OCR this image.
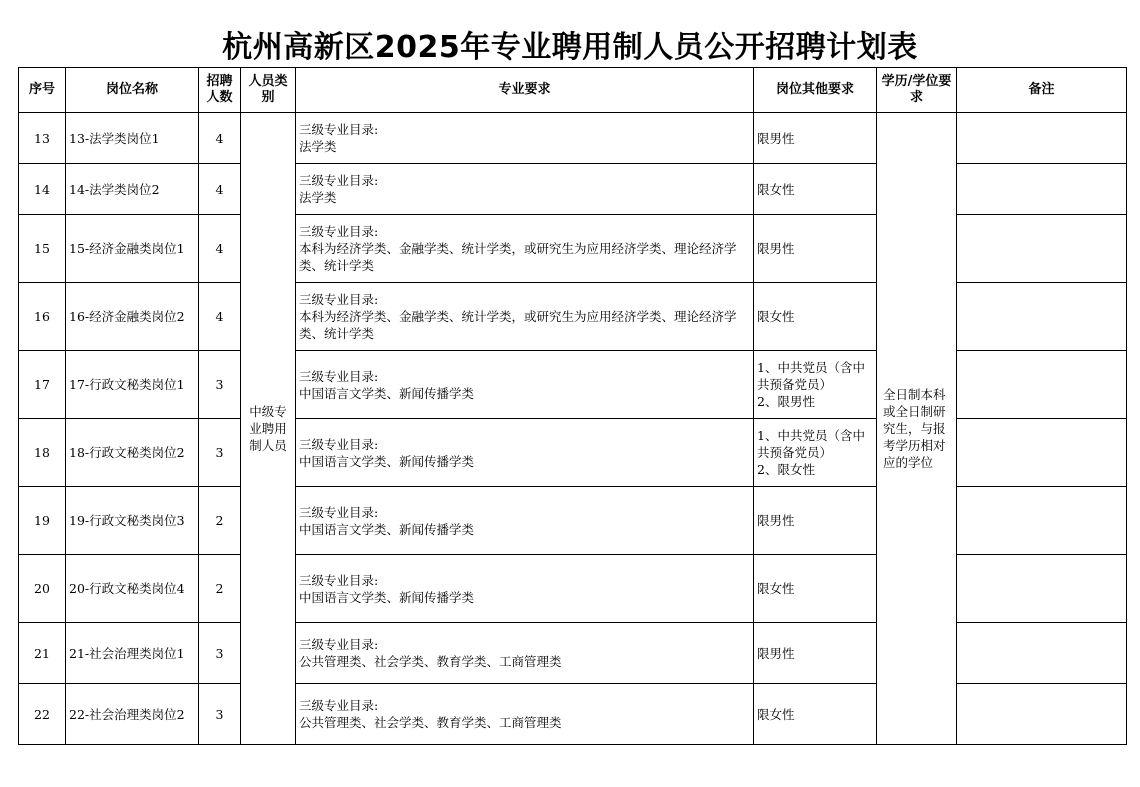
杭州高新区2025年专业聘用制人员公开招聘计划表
序号	岗位名称	招聘人数	人员类别	专业要求	岗位其他要求	学历/学位要求	备注
13	13-法学类岗位1	4	中级专业聘用制人员	三级专业目录:
法学类	限男性	全日制本科或全日制研究生，与报考学历相对应的学位	
14	14-法学类岗位2	4		三级专业目录:
法学类	限女性		
15	15-经济金融类岗位1	4		三级专业目录:
本科为经济学类、金融学类、统计学类，或研究生为应用经济学类、理论经济学类、统计学类	限男性		
16	16-经济金融类岗位2	4		三级专业目录:
本科为经济学类、金融学类、统计学类，或研究生为应用经济学类、理论经济学类、统计学类	限女性		
17	17-行政文秘类岗位1	3		三级专业目录:
中国语言文学类、新闻传播学类	1、中共党员（含中共预备党员）
2、限男性		
18	18-行政文秘类岗位2	3		三级专业目录:
中国语言文学类、新闻传播学类	1、中共党员（含中共预备党员）
2、限女性		
19	19-行政文秘类岗位3	2		三级专业目录:
中国语言文学类、新闻传播学类	限男性		
20	20-行政文秘类岗位4	2		三级专业目录:
中国语言文学类、新闻传播学类	限女性		
21	21-社会治理类岗位1	3		三级专业目录:
公共管理类、社会学类、教育学类、工商管理类	限男性		
22	22-社会治理类岗位2	3		三级专业目录:
公共管理类、社会学类、教育学类、工商管理类	限女性		
